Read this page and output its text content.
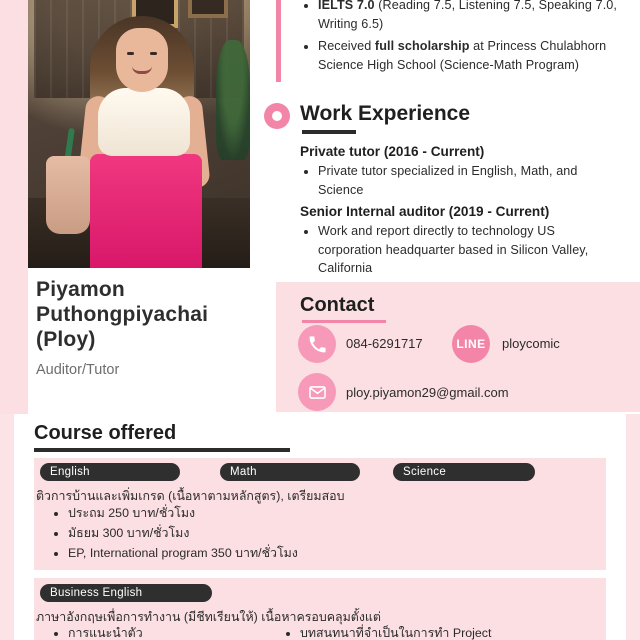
Piyamon
Puthongpiyachai
(Ploy)
Auditor/Tutor
• IELTS 7.0 (Reading 7.5, Listening 7.5, Speaking 7.0, Writing 6.5)
• Received full scholarship at Princess Chulabhorn Science High School (Science-Math Program)
Work Experience
Private tutor (2016 - Current)
• Private tutor specialized in English, Math, and Science
Senior Internal auditor (2019 - Current)
• Work and report directly to technology US corporation headquarter based in Silicon Valley, California
Contact
084-6291717	LINE	ploycomic
ploy.piyamon29@gmail.com
Course offered
English	Math	Science
ติวการบ้านและเพิ่มเกรด (เนื้อหาตามหลักสูตร), เตรียมสอบ
• ประถม 250 บาท/ชั่วโมง
• มัธยม 300 บาท/ชั่วโมง
• EP, International program 350 บาท/ชั่วโมง
Business English
ภาษาอังกฤษเพื่อการทำงาน (มีชีทเรียนให้) เนื้อหาครอบคลุมตั้งแต่
• การแนะนำตัว	• บทสนทนาที่จำเป็นในการทำ Project
